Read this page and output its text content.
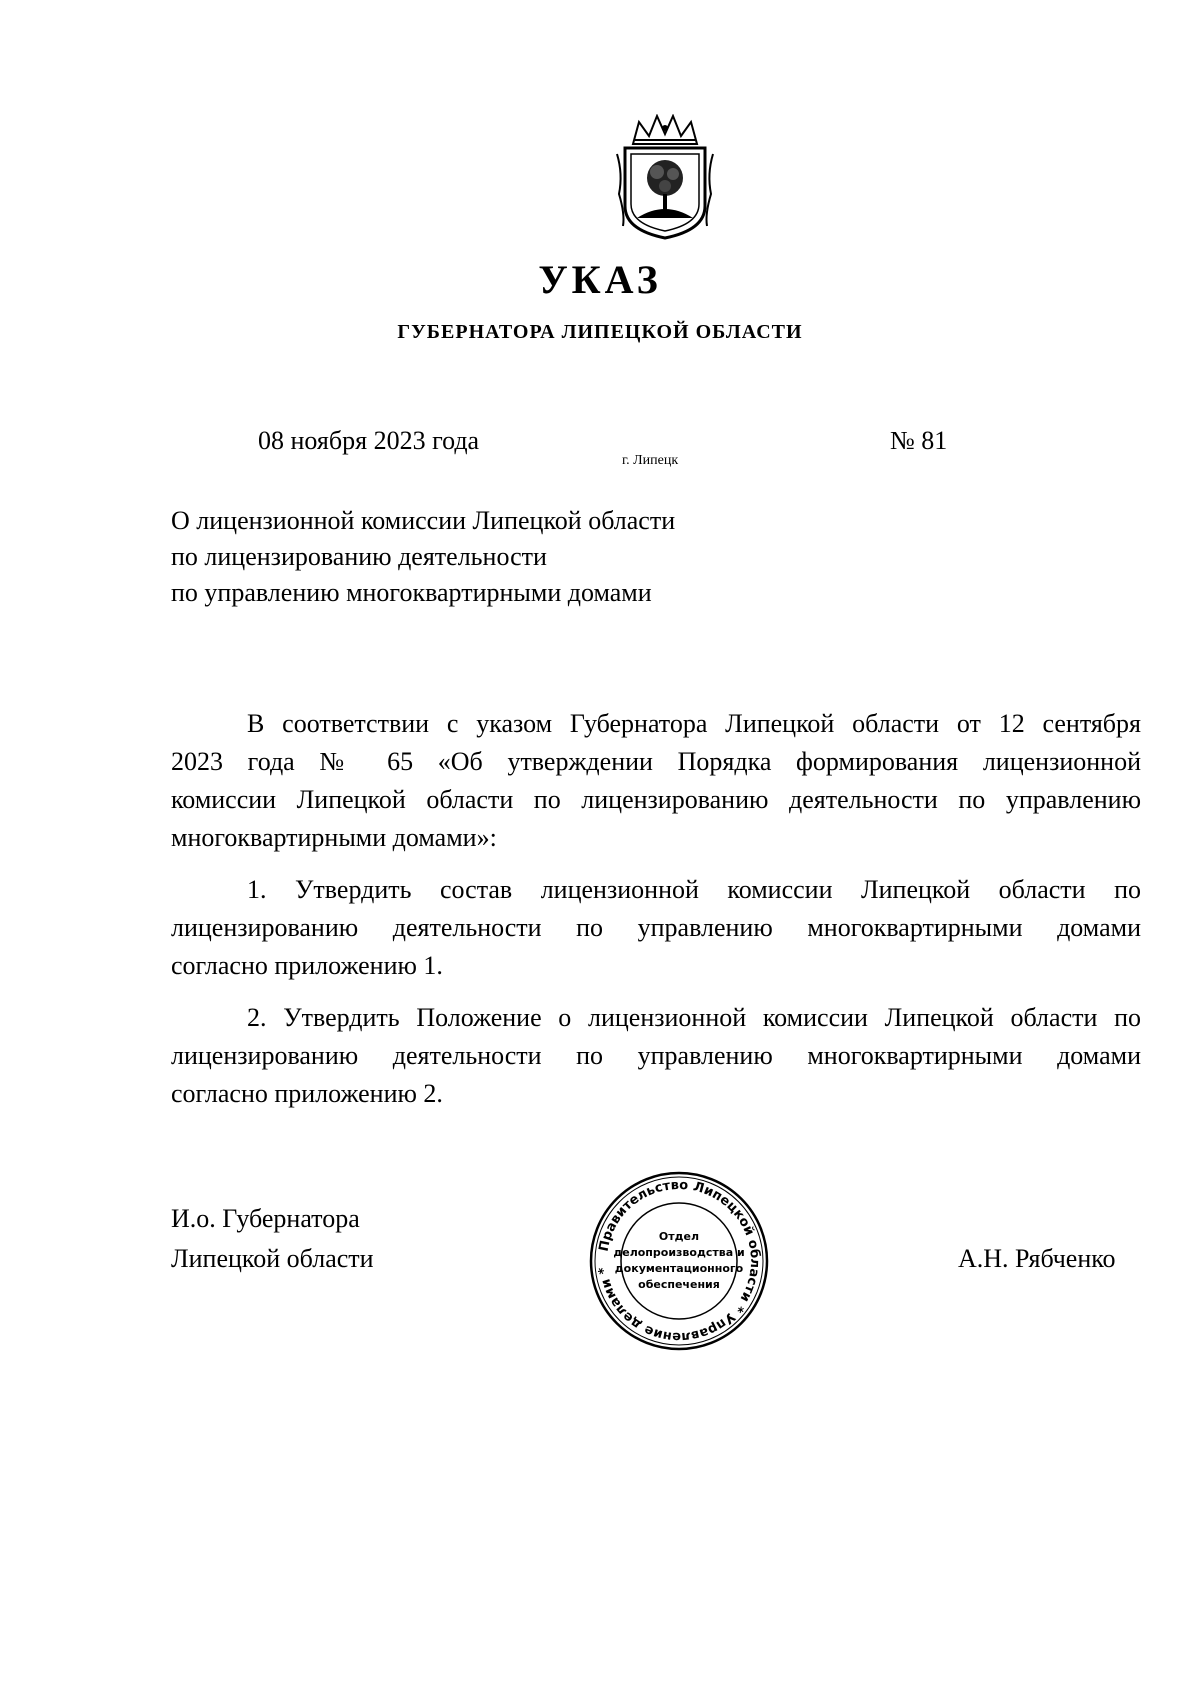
УКАЗ
ГУБЕРНАТОРА ЛИПЕЦКОЙ ОБЛАСТИ
08 ноября 2023 года
г. Липецк
№ 81
О лицензионной комиссии Липецкой области
по лицензированию деятельности
по управлению многоквартирными домами
В соответствии с указом Губернатора Липецкой области от 12 сентября
2023 года № 65 «Об утверждении Порядка формирования лицензионной
комиссии Липецкой области по лицензированию деятельности по управлению
многоквартирными домами»:
1. Утвердить состав лицензионной комиссии Липецкой области по
лицензированию деятельности по управлению многоквартирными домами
согласно приложению 1.
2. Утвердить Положение о лицензионной комиссии Липецкой области по
лицензированию деятельности по управлению многоквартирными домами
согласно приложению 2.
И.о. Губернатора
Липецкой области	А.Н. Рябченко
Правительство Липецкой области * Управление делами *
Отдел
делопроизводства и
документационного
обеспечения
